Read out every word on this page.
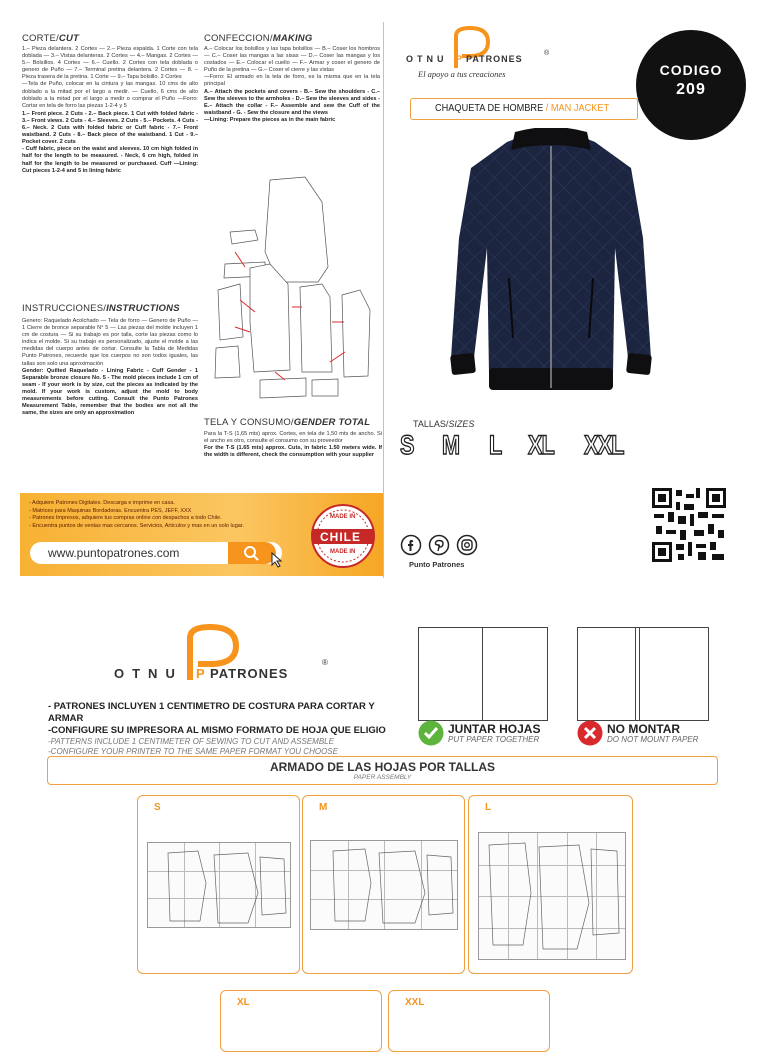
CORTE/CUT

1.– Pieza delantera. 2 Cortes — 2.– Pieza espalda. 1 Corte con tela doblada — 3.– Vistas delanteras. 2 Cortes — 4.– Mangas. 2 Cortes — 5.– Bolsillos. 4 Cortes — 6.– Cuello. 2 Cortes con tela doblada o genero de Puño — 7.– Terminal pretina delantera. 2 Cortes — 8. – Pieza trasera de la pretina. 1 Corte — 9.– Tapa bolsillo. 2 Cortes

—Tela de Puño, colocar en la cintura y las mangas. 10 cms de alto doblado a la mitad por el largo a medir. — Cuello, 6 cms de alto doblado a la mitad por el largo a medir o comprar el Puño —Forro: Cortar en tela de forro las piezas 1-2-4 y 5

1.– Front piece. 2 Cuts - 2.– Back piece. 1 Cut with folded fabric - 3.– Front views. 2 Cuts - 4.– Sleeves. 2 Cuts - 5.– Pockets. 4 Cuts - 6.– Neck. 2 Cuts with folded fabric or Cuff fabric - 7.– Front waistband. 2 Cuts - 8.– Back piece of the waistband. 1 Cut - 9.– Pocket cover. 2 cuts

- Cuff fabric, piece on the waist and sleeves. 10 cm high folded in half for the length to be measured. - Neck, 6 cm high, folded in half for the length to be measured or purchased. Cuff —Lining: Cut pieces 1-2-4 and 5 in lining fabric

CONFECCION/MAKING

A.– Colocar los bolsillos y las tapa bolsillos — B.– Coser los hombros — C.– Coser las mangas a las sisas — D.– Coser las mangas y los costados — E.– Colocar el cuello — F.– Armar y coser el genero de Puño de la pretina — G.– Coser el cierre y las vistas

—Forro: El armado en la tela de forro, es la misma que en la tela principal

A.– Attach the pockets and covers - B.– Sew the shoulders - C.– Sew the sleeves to the armholes - D.– Sew the sleeves and sides - E.– Attach the collar - F.– Assemble and sew the Cuff of the waistband - G. - Sew the closure and the views

—Lining: Prepare the pieces as in the main fabric

INSTRUCCIONES/INSTRUCTIONS

Genero: Raquelado Acolchado — Tela de forro — Genero de Puño — 1 Cierre de bronce separable N° 5 — Las piezas del molde incluyen 1 cm de costura — Si su trabajo es por talla, corte las piezas como lo indica el molde. Si su trabajo es personalizado, ajuste el molde a las medidas del cuerpo antes de cortar. Consulte la Tabla de Medidas Punto Patrones, recuerde que los cuerpos no son todos iguales, las tallas son solo una aproximación

Gender: Quilted Raquelado - Lining Fabric - Cuff Gender - 1 Separable bronze closure No. 5 - The mold pieces include 1 cm of seam - If your work is by size, cut the pieces as indicated by the mold. If your work is custom, adjust the mold to body measurements before cutting. Consult the Punto Patrones Measurement Table, remember that the bodies are not all the same, the sizes are only an approximation

TELA Y CONSUMO/GENDER TOTAL

Para la T-S (1,65 mts) aprox. Cortes, en tela de 1,50 mts de ancho. Si el ancho es otro, consulte el consumo con su proveedor

For the T-S (1.65 mts) approx. Cuts, in fabric 1.50 meters wide. If the width is different, check the consumption with your supplier

- Adquiere Patrones Digitales. Descarga e imprime en casa.

- Matrices para Maquinas Bordadoras. Encuentra PES, JEFF, XXX

- Patrones Impresos, adquiere tus compras online con despachos a todo Chile.

- Encuentra puntos de ventas mas cercanos. Servicios, Articulos y mas en un solo lugar.

www.puntopatrones.com
MADE IN
CHILE
MADE IN
OTNU P PATRONES
®
El apoyo a tus creaciones	CODIGO
209
CHAQUETA DE HOMBRE / MAN JACKET
TALLAS/SIZES
S M L XL XXL
Punto Patrones
OTNU P PATRONES
®
- PATRONES INCLUYEN 1 CENTIMETRO DE COSTURA PARA CORTAR Y ARMAR
-CONFIGURE SU IMPRESORA AL MISMO FORMATO DE HOJA QUE ELIGIO
-PATTERNS INCLUDE 1 CENTIMETER OF SEWING TO CUT AND ASSEMBLE
-CONFIGURE YOUR PRINTER TO THE SAME PAPER FORMAT YOU CHOOSE
JUNTAR HOJAS
PUT PAPER TOGETHER
NO MONTAR
DO NOT MOUNT PAPER
ARMADO DE LAS HOJAS POR TALLAS
PAPER ASSEMBLY
S	M	L
XL	XXL
